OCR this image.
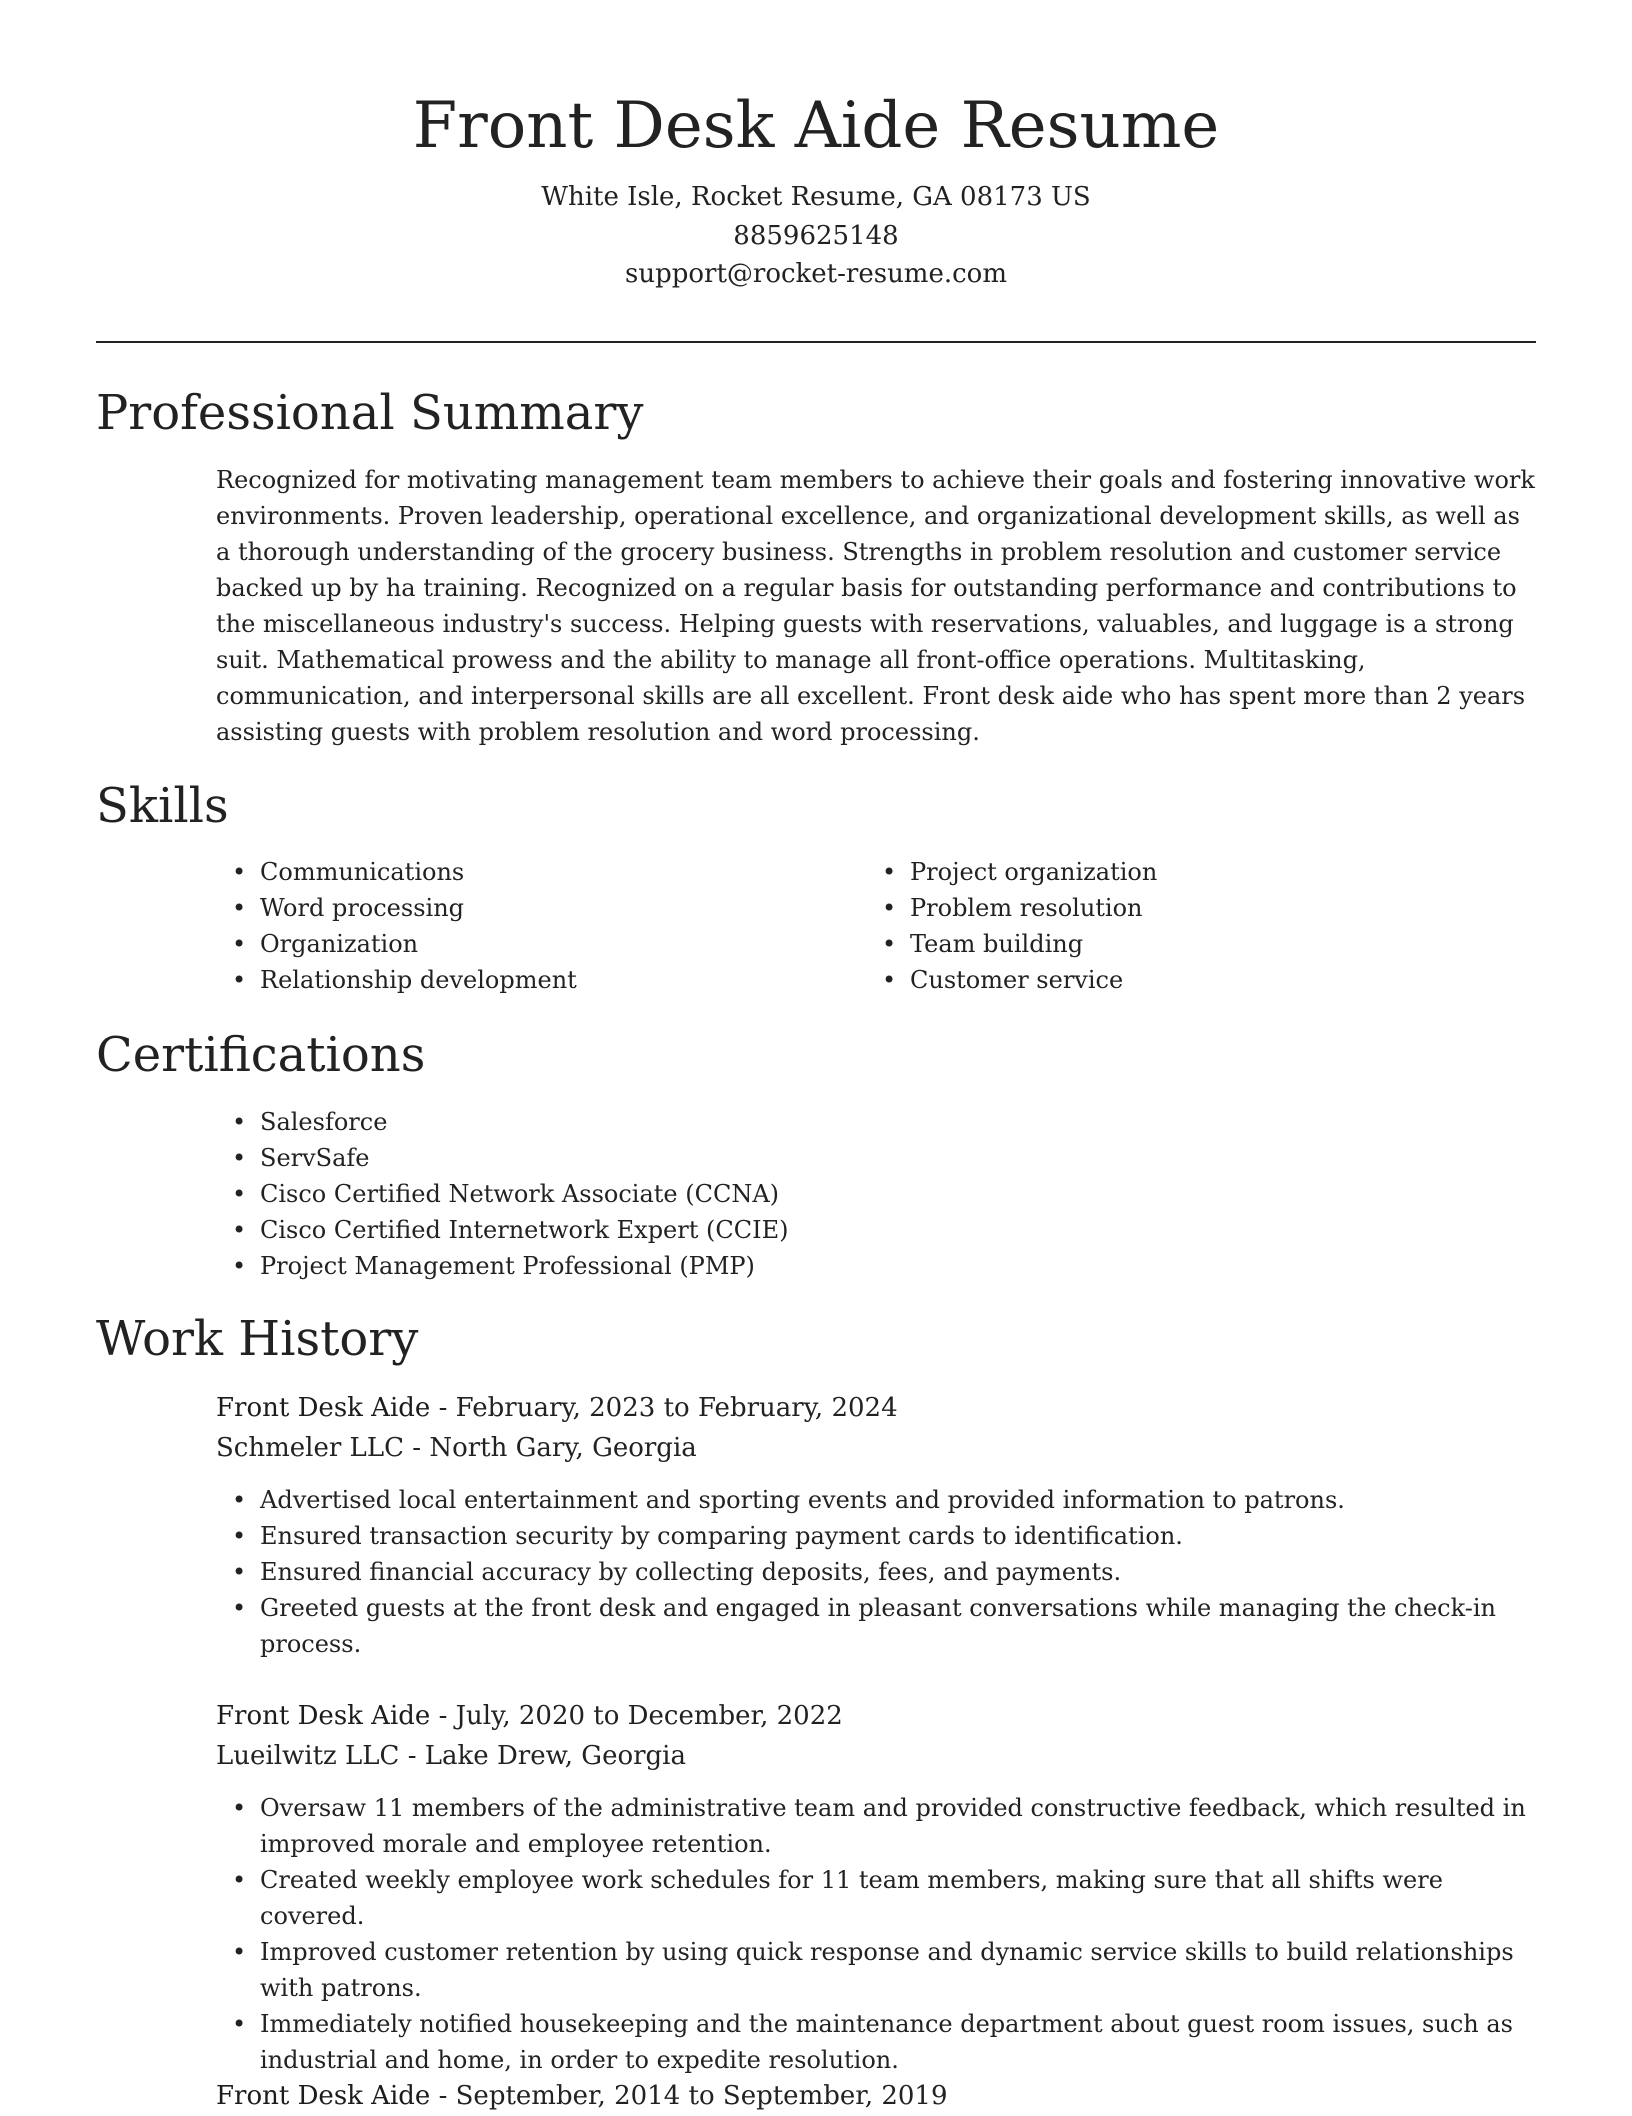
Front Desk Aide Resume
White Isle, Rocket Resume, GA 08173 US
8859625148
support@rocket-resume.com
Professional Summary

Recognized for motivating management team members to achieve their goals and fostering innovative work environments. Proven leadership, operational excellence, and organizational development skills, as well as a thorough understanding of the grocery business. Strengths in problem resolution and customer service backed up by ha training. Recognized on a regular basis for outstanding performance and contributions to the miscellaneous industry's success. Helping guests with reservations, valuables, and luggage is a strong suit. Mathematical prowess and the ability to manage all front-office operations. Multitasking, communication, and interpersonal skills are all excellent. Front desk aide who has spent more than 2 years assisting guests with problem resolution and word processing.

Skills
• Communications
• Word processing
• Organization
• Relationship development
• Project organization
• Problem resolution
• Team building
• Customer service
Certifications
• Salesforce
• ServSafe
• Cisco Certified Network Associate (CCNA)
• Cisco Certified Internetwork Expert (CCIE)
• Project Management Professional (PMP)
Work History
Front Desk Aide - February, 2023 to February, 2024
Schmeler LLC - North Gary, Georgia
• Advertised local entertainment and sporting events and provided information to patrons.
• Ensured transaction security by comparing payment cards to identification.
• Ensured financial accuracy by collecting deposits, fees, and payments.
• Greeted guests at the front desk and engaged in pleasant conversations while managing the check-in process.
Front Desk Aide - July, 2020 to December, 2022
Lueilwitz LLC - Lake Drew, Georgia
• Oversaw 11 members of the administrative team and provided constructive feedback, which resulted in improved morale and employee retention.
• Created weekly employee work schedules for 11 team members, making sure that all shifts were covered.
• Improved customer retention by using quick response and dynamic service skills to build relationships with patrons.
• Immediately notified housekeeping and the maintenance department about guest room issues, such as industrial and home, in order to expedite resolution.
Front Desk Aide - September, 2014 to September, 2019
